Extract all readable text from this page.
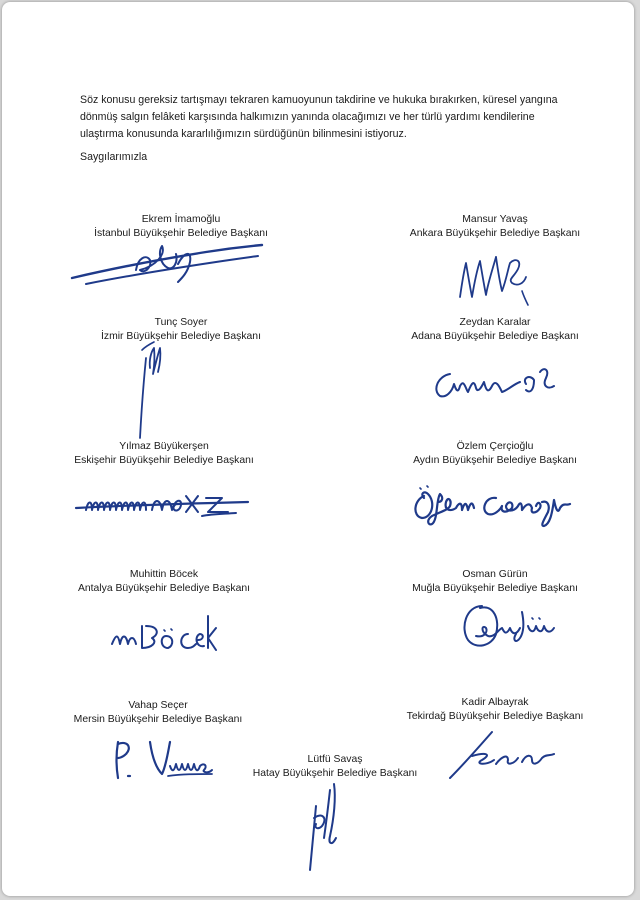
Söz konusu gereksiz tartışmayı tekraren kamuoyunun takdirine ve hukuka bırakırken, küresel yangına dönmüş salgın felâketi karşısında halkımızın yanında olacağımızı ve her türlü yardımı kendilerine ulaştırma konusunda kararlılığımızın sürdüğünün bilinmesini istiyoruz.

Saygılarımızla
Ekrem İmamoğlu
İstanbul Büyükşehir Belediye Başkanı
Mansur Yavaş
Ankara Büyükşehir Belediye Başkanı
Tunç Soyer
İzmir Büyükşehir Belediye Başkanı
Zeydan Karalar
Adana Büyükşehir Belediye Başkanı
Yılmaz Büyükerşen
Eskişehir Büyükşehir Belediye Başkanı
Özlem Çerçioğlu
Aydın Büyükşehir Belediye Başkanı
Muhittin Böcek
Antalya Büyükşehir Belediye Başkanı
Osman Gürün
Muğla Büyükşehir Belediye Başkanı
Vahap Seçer
Mersin Büyükşehir Belediye Başkanı
Kadir Albayrak
Tekirdağ Büyükşehir Belediye Başkanı
Lütfü Savaş
Hatay Büyükşehir Belediye Başkanı
